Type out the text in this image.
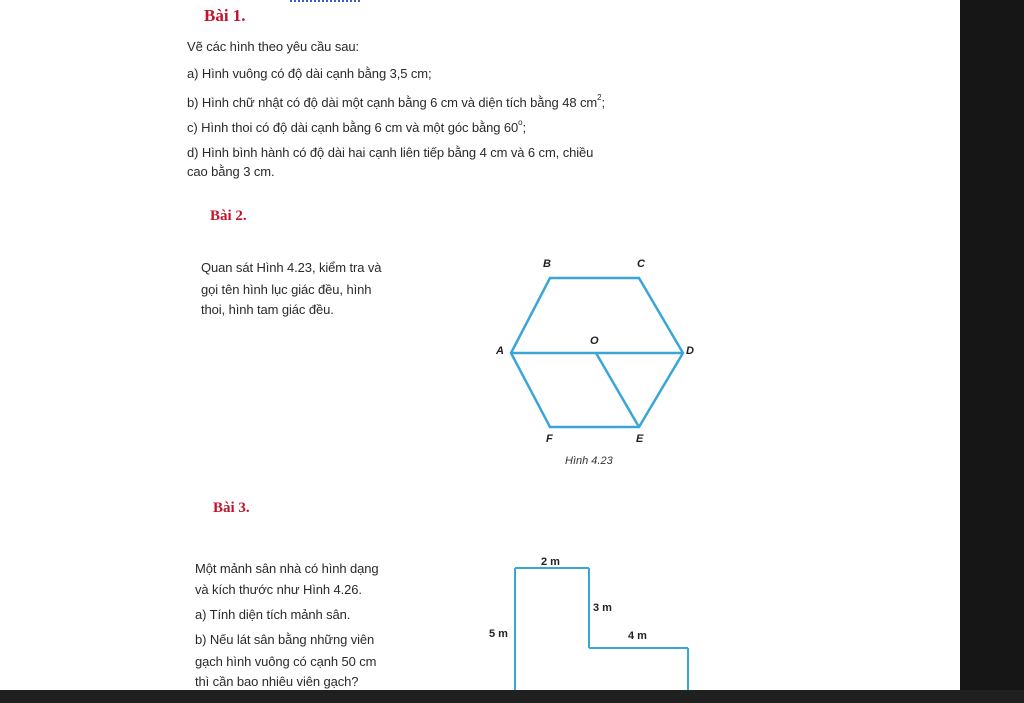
Bài 1.
Vẽ các hình theo yêu cầu sau:
a) Hình vuông có độ dài cạnh bằng 3,5 cm;
b) Hình chữ nhật có độ dài một cạnh bằng 6 cm và diện tích bằng 48 $cm^2$;
c) Hình thoi có độ dài cạnh bằng 6 cm và một góc bằng 60$^o$;
d) Hình bình hành có độ dài hai cạnh liên tiếp bằng 4 cm và 6 cm, chiều
cao bằng 3 cm.
Bài 2.
Quan sát Hình 4.23, kiểm tra và
gọi tên hình lục giác đều, hình
thoi, hình tam giác đều.
B	C
A
O
D
F	E
Hình 4.23
Bài 3.
Một mảnh sân nhà có hình dạng
và kích thước như Hình 4.26.
a) Tính diện tích mảnh sân.
b) Nếu lát sân bằng những viên
gạch hình vuông có cạnh 50 cm
thì cần bao nhiêu viên gạch?
2 m
3 m
5 m	4 m
